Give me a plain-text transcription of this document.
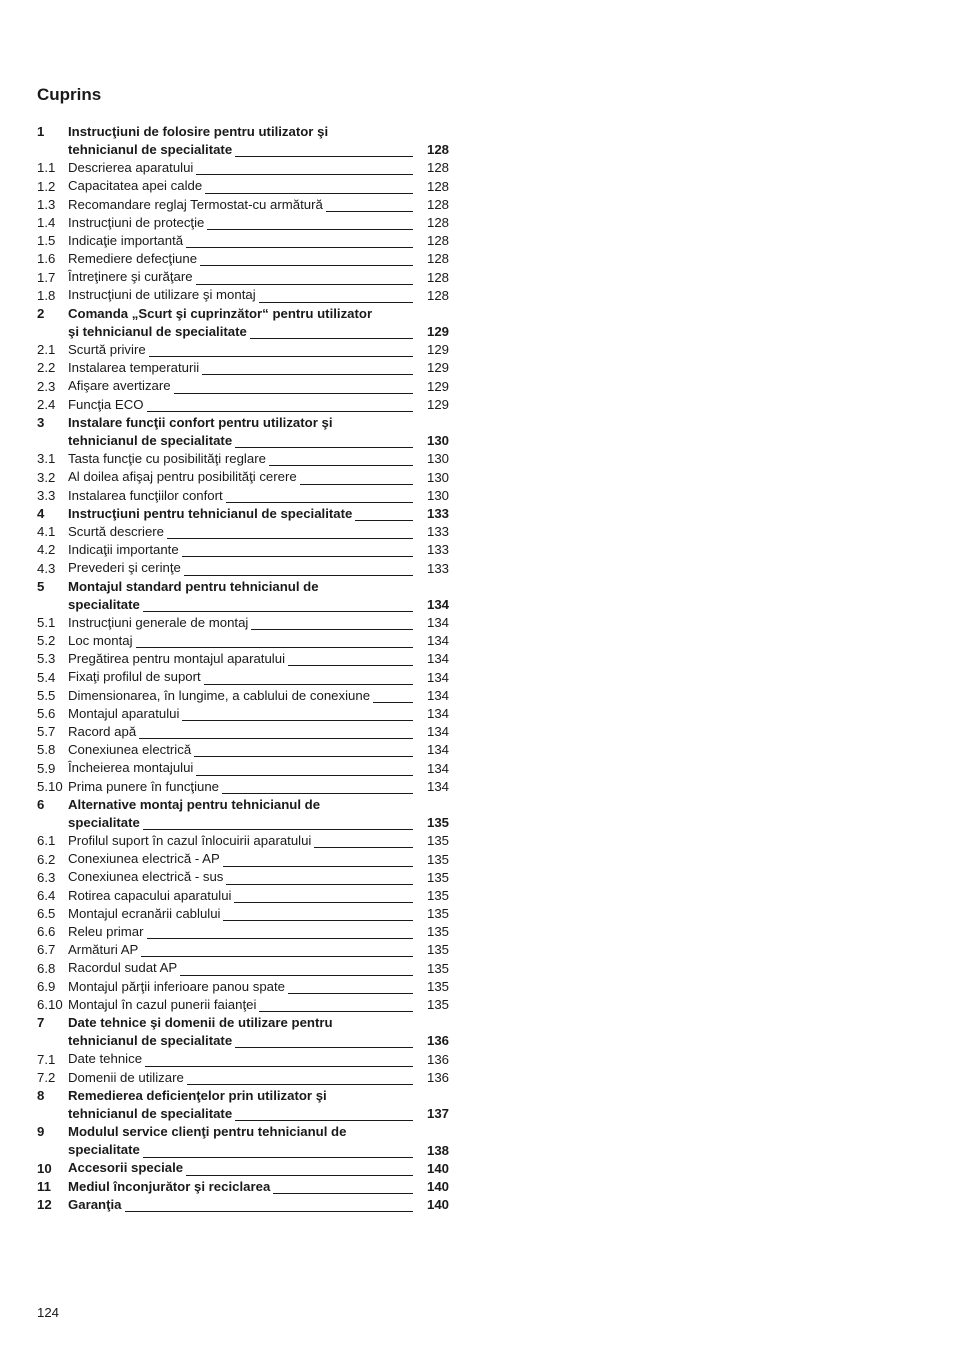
Cuprins
1 Instrucţiuni de folosire pentru utilizator şi
tehnicianul de specialitate	128
1.1 Descrierea aparatului	128
1.2 Capacitatea apei calde	128
1.3 Recomandare reglaj Termostat-cu armătură	128
1.4 Instrucţiuni de protecţie	128
1.5 Indicaţie importantă	128
1.6 Remediere defecţiune	128
1.7 Întreţinere şi curăţare	128
1.8 Instrucţiuni de utilizare şi montaj	128
2 Comanda „Scurt şi cuprinzător“ pentru utilizator
şi tehnicianul de specialitate	129
2.1 Scurtă privire	129
2.2 Instalarea temperaturii	129
2.3 Afişare avertizare	129
2.4 Funcţia ECO	129
3 Instalare funcţii confort pentru utilizator şi
tehnicianul de specialitate	130
3.1 Tasta funcţie cu posibilităţi reglare	130
3.2 Al doilea afişaj pentru posibilităţi cerere	130
3.3 Instalarea funcţiilor confort	130
4 Instrucţiuni pentru tehnicianul de specialitate	133
4.1 Scurtă descriere	133
4.2 Indicaţii importante	133
4.3 Prevederi şi cerinţe	133
5 Montajul standard pentru tehnicianul de
specialitate	134
5.1 Instrucţiuni generale de montaj	134
5.2 Loc montaj	134
5.3 Pregătirea pentru montajul aparatului	134
5.4 Fixaţi profilul de suport	134
5.5 Dimensionarea, în lungime, a cablului de conexiune	134
5.6 Montajul aparatului	134
5.7 Racord apă	134
5.8 Conexiunea electrică	134
5.9 Încheierea montajului	134
5.10 Prima punere în funcţiune	134
6 Alternative montaj pentru tehnicianul de
specialitate	135
6.1 Profilul suport în cazul înlocuirii aparatului	135
6.2 Conexiunea electrică - AP	135
6.3 Conexiunea electrică - sus	135
6.4 Rotirea capacului aparatului	135
6.5 Montajul ecranării cablului	135
6.6 Releu primar	135
6.7 Armături AP	135
6.8 Racordul sudat AP	135
6.9 Montajul părţii inferioare panou spate	135
6.10 Montajul în cazul punerii faianţei	135
7 Date tehnice şi domenii de utilizare pentru
tehnicianul de specialitate	136
7.1 Date tehnice	136
7.2 Domenii de utilizare	136
8 Remedierea deficienţelor prin utilizator şi
tehnicianul de specialitate	137
9 Modulul service clienţi pentru tehnicianul de
specialitate	138
10 Accesorii speciale	140
11 Mediul înconjurător şi reciclarea	140
12 Garanţia	140
124
